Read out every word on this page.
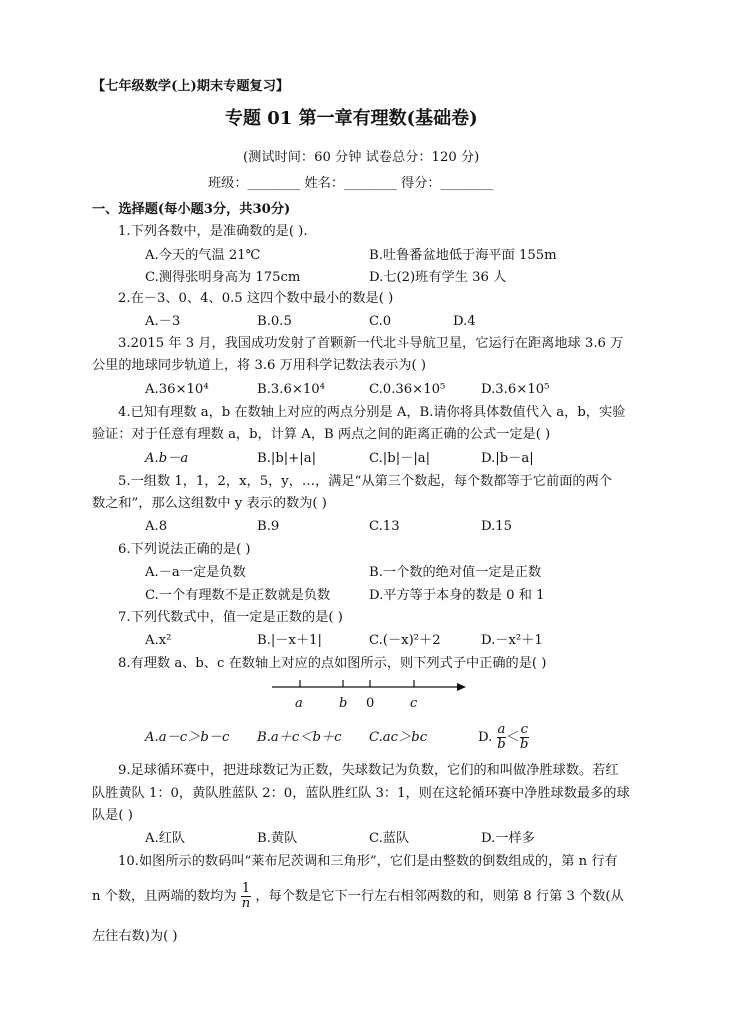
【七年级数学(上)期末专题复习】
专题 01 第一章有理数(基础卷)
(测试时间：60 分钟 试卷总分：120 分)
班级：________ 姓名：________ 得分：________
一、选择题(每小题3分，共30分)
1.下列各数中，是准确数的是( ).
A.今天的气温 21℃	B.吐鲁番盆地低于海平面 155m
C.测得张明身高为 175cm	D.七(2)班有学生 36 人
2.在－3、0、4、0.5 这四个数中最小的数是( )
A.－3	B.0.5	C.0	D.4
3.2015 年 3 月，我国成功发射了首颗新一代北斗导航卫星，它运行在距离地球 3.6 万
公里的地球同步轨道上，将 3.6 万用科学记数法表示为( )
A.36×10⁴	B.3.6×10⁴	C.0.36×10⁵	D.3.6×10⁵
4.已知有理数 a，b 在数轴上对应的两点分别是 A，B.请你将具体数值代入 a，b，实验
验证：对于任意有理数 a，b，计算 A，B 两点之间的距离正确的公式一定是( )
A.b－a	B.|b|+|a|	C.|b|－|a|	D.|b－a|
5.一组数 1，1，2，x，5，y，…，满足“从第三个数起，每个数都等于它前面的两个
数之和”，那么这组数中 y 表示的数为( )
A.8	B.9	C.13	D.15
6.下列说法正确的是( )
A.－a一定是负数	B.一个数的绝对值一定是正数
C.一个有理数不是正数就是负数	D.平方等于本身的数是 0 和 1
7.下列代数式中，值一定是正数的是( )
A.x²	B.|－x＋1|	C.(－x)²＋2	D.－x²＋1
8.有理数 a、b、c 在数轴上对应的点如图所示，则下列式子中正确的是( )
a	b 0	c
A.a－c＞b－c B.a＋c＜b＋c C.ac＞bc	D. $\frac{a}{b} < \frac{c}{b}$
9.足球循环赛中，把进球数记为正数，失球数记为负数，它们的和叫做净胜球数。若红
队胜黄队 1：0，黄队胜蓝队 2：0，蓝队胜红队 3：1，则在这轮循环赛中净胜球数最多的球
队是( )
A.红队	B.黄队	C.蓝队	D.一样多
10.如图所示的数码叫“莱布尼茨调和三角形”，它们是由整数的倒数组成的，第 n 行有
n 个数，且两端的数均为 $\frac{1}{n}$ ，每个数是它下一行左右相邻两数的和，则第 8 行第 3 个数(从
左往右数)为( )
